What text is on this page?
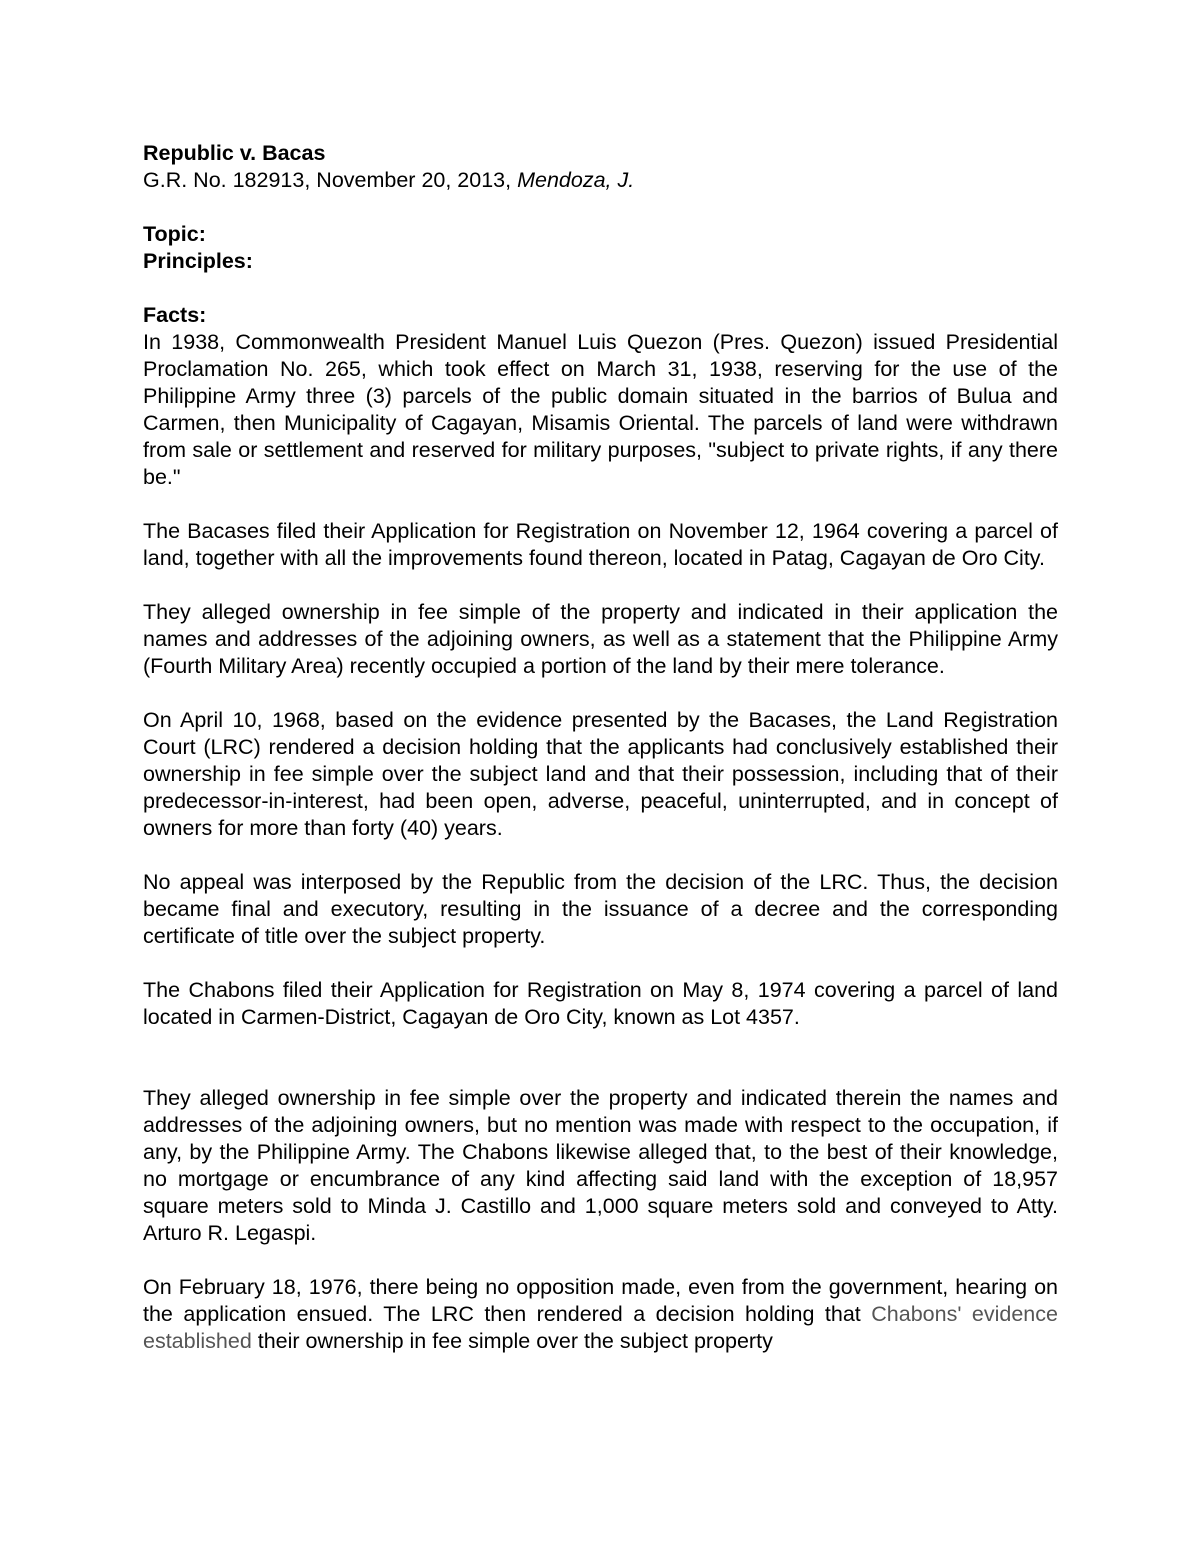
Republic v. Bacas

G.R. No. 182913, November 20, 2013, Mendoza, J.

Topic:

Principles:

Facts:

In 1938, Commonwealth President Manuel Luis Quezon (Pres. Quezon) issued Presidential Proclamation No. 265, which took effect on March 31, 1938, reserving for the use of the Philippine Army three (3) parcels of the public domain situated in the barrios of Bulua and Carmen, then Municipality of Cagayan, Misamis Oriental. The parcels of land were withdrawn from sale or settlement and reserved for military purposes, "subject to private rights, if any there be."

The Bacases filed their Application for Registration on November 12, 1964 covering a parcel of land, together with all the improvements found thereon, located in Patag, Cagayan de Oro City.

They alleged ownership in fee simple of the property and indicated in their application the names and addresses of the adjoining owners, as well as a statement that the Philippine Army (Fourth Military Area) recently occupied a portion of the land by their mere tolerance.

On April 10, 1968, based on the evidence presented by the Bacases, the Land Registration Court (LRC) rendered a decision holding that the applicants had conclusively established their ownership in fee simple over the subject land and that their possession, including that of their predecessor-in-interest, had been open, adverse, peaceful, uninterrupted, and in concept of owners for more than forty (40) years.

No appeal was interposed by the Republic from the decision of the LRC. Thus, the decision became final and executory, resulting in the issuance of a decree and the corresponding certificate of title over the subject property.

The Chabons filed their Application for Registration on May 8, 1974 covering a parcel of land located in Carmen-District, Cagayan de Oro City, known as Lot 4357.

They alleged ownership in fee simple over the property and indicated therein the names and addresses of the adjoining owners, but no mention was made with respect to the occupation, if any, by the Philippine Army. The Chabons likewise alleged that, to the best of their knowledge, no mortgage or encumbrance of any kind affecting said land with the exception of 18,957 square meters sold to Minda J. Castillo and 1,000 square meters sold and conveyed to Atty. Arturo R. Legaspi.

On February 18, 1976, there being no opposition made, even from the government, hearing on the application ensued. The LRC then rendered a decision holding that Chabons' evidence established their ownership in fee simple over the subject property
